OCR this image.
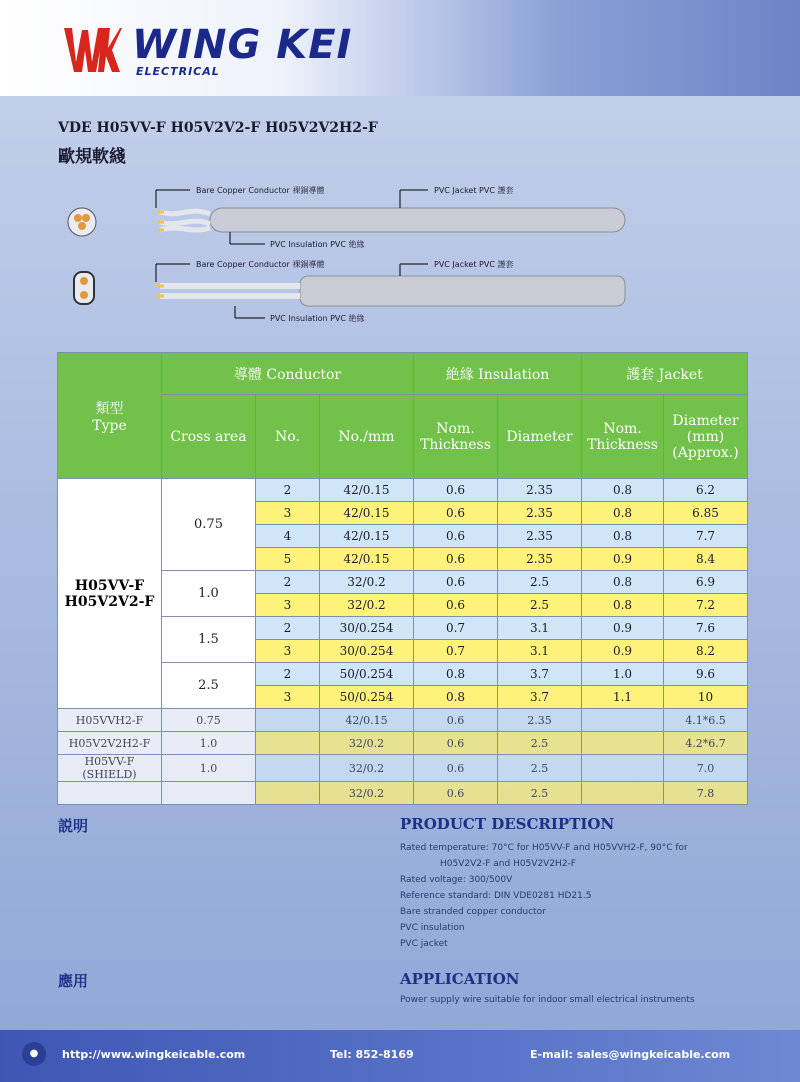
WING KEI
ELECTRICAL
VDE H05VV-F H05V2V2-F H05V2V2H2-F
歐規軟綫
Bare Copper Conductor 裸銅導體	PVC Jacket PVC 護套
PVC Insulation PVC 絶緣
Bare Copper Conductor 裸銅導體	PVC Jacket PVC 護套
PVC Insulation PVC 絶緣
類型
Type	導體 Conductor			絶緣 Insulation		護套 Jacket	
	Cross area	No.	No./mm	Nom. Thickness	Diameter	Nom. Thickness	Diameter (mm) (Approx.)

H05VV-F
H05V2V2-F	0.75	2	42/0.15	0.6	2.35	0.8	6.2
		3	42/0.15	0.6	2.35	0.8	6.85
		4	42/0.15	0.6	2.35	0.8	7.7
		5	42/0.15	0.6	2.35	0.9	8.4
	1.0	2	32/0.2	0.6	2.5	0.8	6.9
		3	32/0.2	0.6	2.5	0.8	7.2
	1.5	2	30/0.254	0.7	3.1	0.9	7.6
		3	30/0.254	0.7	3.1	0.9	8.2
	2.5	2	50/0.254	0.8	3.7	1.0	9.6
		3	50/0.254	0.8	3.7	1.1	10
H05VVH2-F	0.75		42/0.15	0.6	2.35		4.1*6.5
H05V2V2H2-F	1.0		32/0.2	0.6	2.5		4.2*6.7
H05VV-F (SHIELD)	1.0		32/0.2	0.6	2.5		7.0
			32/0.2	0.6	2.5		7.8
説明	PRODUCT DESCRIPTION
Rated temperature: 70°C for H05VV-F and H05VVH2-F, 90°C for
H05V2V2-F and H05V2V2H2-F
Rated voltage: 300/500V
Reference standard: DIN VDE0281 HD21.5
Bare stranded copper conductor
PVC insulation
PVC jacket
應用	APPLICATION
Power supply wire suitable for indoor small electrical instruments
●	http://www.wingkeicable.com	Tel: 852-8169	E-mail: sales@wingkeicable.com
